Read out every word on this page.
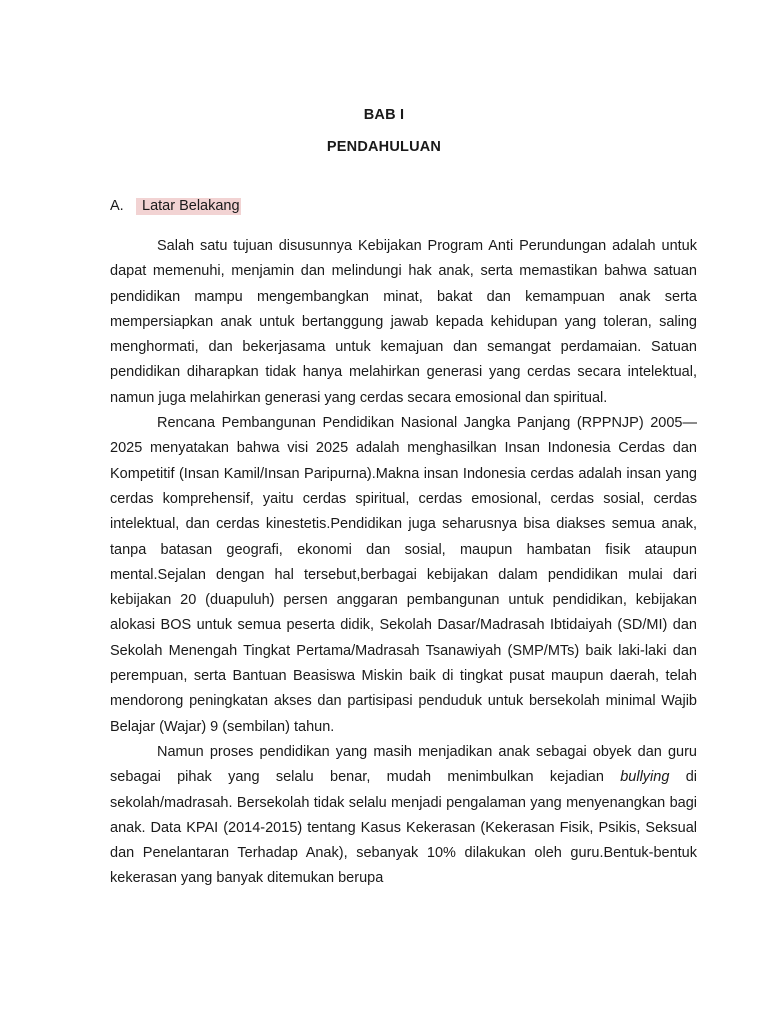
BAB I
PENDAHULUAN
A. Latar Belakang

Salah satu tujuan disusunnya Kebijakan Program Anti Perundungan adalah untuk dapat memenuhi, menjamin dan melindungi hak anak, serta memastikan bahwa satuan pendidikan mampu mengembangkan minat, bakat dan kemampuan anak serta mempersiapkan anak untuk bertanggung jawab kepada kehidupan yang toleran, saling menghormati, dan bekerjasama untuk kemajuan dan semangat perdamaian. Satuan pendidikan diharapkan tidak hanya melahirkan generasi yang cerdas secara intelektual, namun juga melahirkan generasi yang cerdas secara emosional dan spiritual.

Rencana Pembangunan Pendidikan Nasional Jangka Panjang (RPPNJP) 2005— 2025 menyatakan bahwa visi 2025 adalah menghasilkan Insan Indonesia Cerdas dan Kompetitif (Insan Kamil/Insan Paripurna).Makna insan Indonesia cerdas adalah insan yang cerdas komprehensif, yaitu cerdas spiritual, cerdas emosional, cerdas sosial, cerdas intelektual, dan cerdas kinestetis.Pendidikan juga seharusnya bisa diakses semua anak, tanpa batasan geografi, ekonomi dan sosial, maupun hambatan fisik ataupun mental.Sejalan dengan hal tersebut,berbagai kebijakan dalam pendidikan mulai dari kebijakan 20 (duapuluh) persen anggaran pembangunan untuk pendidikan, kebijakan alokasi BOS untuk semua peserta didik, Sekolah Dasar/Madrasah Ibtidaiyah (SD/MI) dan Sekolah Menengah Tingkat Pertama/Madrasah Tsanawiyah (SMP/MTs) baik laki-laki dan perempuan, serta Bantuan Beasiswa Miskin baik di tingkat pusat maupun daerah, telah mendorong peningkatan akses dan partisipasi penduduk untuk bersekolah minimal Wajib Belajar (Wajar) 9 (sembilan) tahun.

Namun proses pendidikan yang masih menjadikan anak sebagai obyek dan guru sebagai pihak yang selalu benar, mudah menimbulkan kejadian bullying di sekolah/madrasah. Bersekolah tidak selalu menjadi pengalaman yang menyenangkan bagi anak. Data KPAI (2014-2015) tentang Kasus Kekerasan (Kekerasan Fisik, Psikis, Seksual dan Penelantaran Terhadap Anak), sebanyak 10% dilakukan oleh guru.Bentuk-bentuk kekerasan yang banyak ditemukan berupa
